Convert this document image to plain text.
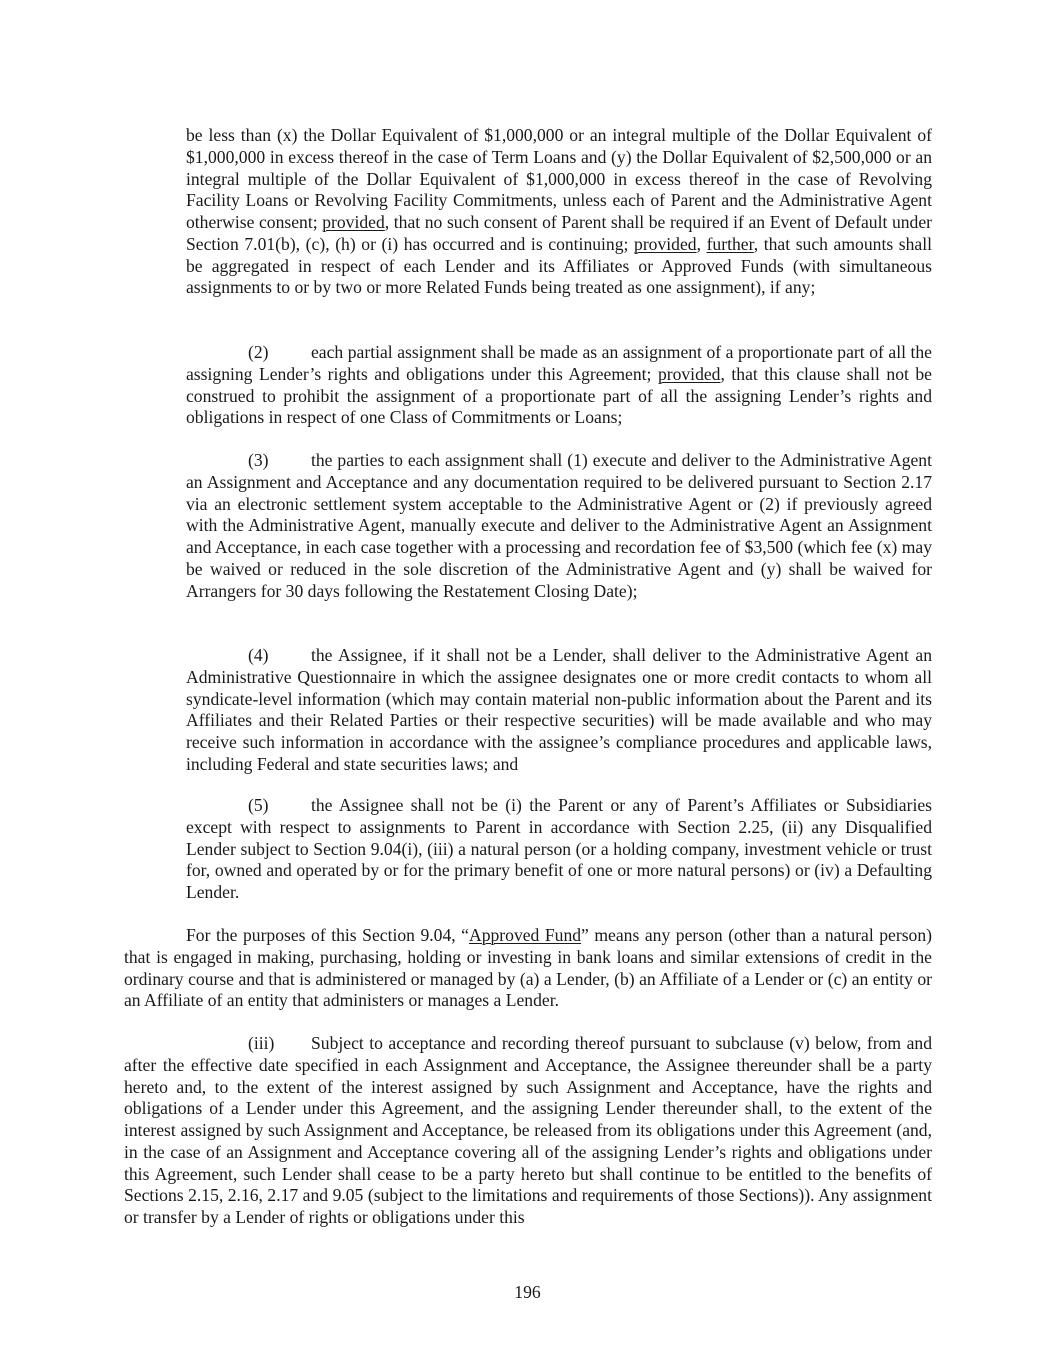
be less than (x) the Dollar Equivalent of $1,000,000 or an integral multiple of the Dollar Equivalent of $1,000,000 in excess thereof in the case of Term Loans and (y) the Dollar Equivalent of $2,500,000 or an integral multiple of the Dollar Equivalent of $1,000,000 in excess thereof in the case of Revolving Facility Loans or Revolving Facility Commitments, unless each of Parent and the Administrative Agent otherwise consent; provided, that no such consent of Parent shall be required if an Event of Default under Section 7.01(b), (c), (h) or (i) has occurred and is continuing; provided, further, that such amounts shall be aggregated in respect of each Lender and its Affiliates or Approved Funds (with simultaneous assignments to or by two or more Related Funds being treated as one assignment), if any;

(2) each partial assignment shall be made as an assignment of a proportionate part of all the assigning Lender’s rights and obligations under this Agreement; provided, that this clause shall not be construed to prohibit the assignment of a proportionate part of all the assigning Lender’s rights and obligations in respect of one Class of Commitments or Loans;

(3) the parties to each assignment shall (1) execute and deliver to the Administrative Agent an Assignment and Acceptance and any documentation required to be delivered pursuant to Section 2.17 via an electronic settlement system acceptable to the Administrative Agent or (2) if previously agreed with the Administrative Agent, manually execute and deliver to the Administrative Agent an Assignment and Acceptance, in each case together with a processing and recordation fee of $3,500 (which fee (x) may be waived or reduced in the sole discretion of the Administrative Agent and (y) shall be waived for Arrangers for 30 days following the Restatement Closing Date);

(4) the Assignee, if it shall not be a Lender, shall deliver to the Administrative Agent an Administrative Questionnaire in which the assignee designates one or more credit contacts to whom all syndicate-level information (which may contain material non-public information about the Parent and its Affiliates and their Related Parties or their respective securities) will be made available and who may receive such information in accordance with the assignee’s compliance procedures and applicable laws, including Federal and state securities laws; and

(5) the Assignee shall not be (i) the Parent or any of Parent’s Affiliates or Subsidiaries except with respect to assignments to Parent in accordance with Section 2.25, (ii) any Disqualified Lender subject to Section 9.04(i), (iii) a natural person (or a holding company, investment vehicle or trust for, owned and operated by or for the primary benefit of one or more natural persons) or (iv) a Defaulting Lender.

For the purposes of this Section 9.04, “Approved Fund” means any person (other than a natural person) that is engaged in making, purchasing, holding or investing in bank loans and similar extensions of credit in the ordinary course and that is administered or managed by (a) a Lender, (b) an Affiliate of a Lender or (c) an entity or an Affiliate of an entity that administers or manages a Lender.

(iii) Subject to acceptance and recording thereof pursuant to subclause (v) below, from and after the effective date specified in each Assignment and Acceptance, the Assignee thereunder shall be a party hereto and, to the extent of the interest assigned by such Assignment and Acceptance, have the rights and obligations of a Lender under this Agreement, and the assigning Lender thereunder shall, to the extent of the interest assigned by such Assignment and Acceptance, be released from its obligations under this Agreement (and, in the case of an Assignment and Acceptance covering all of the assigning Lender’s rights and obligations under this Agreement, such Lender shall cease to be a party hereto but shall continue to be entitled to the benefits of Sections 2.15, 2.16, 2.17 and 9.05 (subject to the limitations and requirements of those Sections)). Any assignment or transfer by a Lender of rights or obligations under this

196
